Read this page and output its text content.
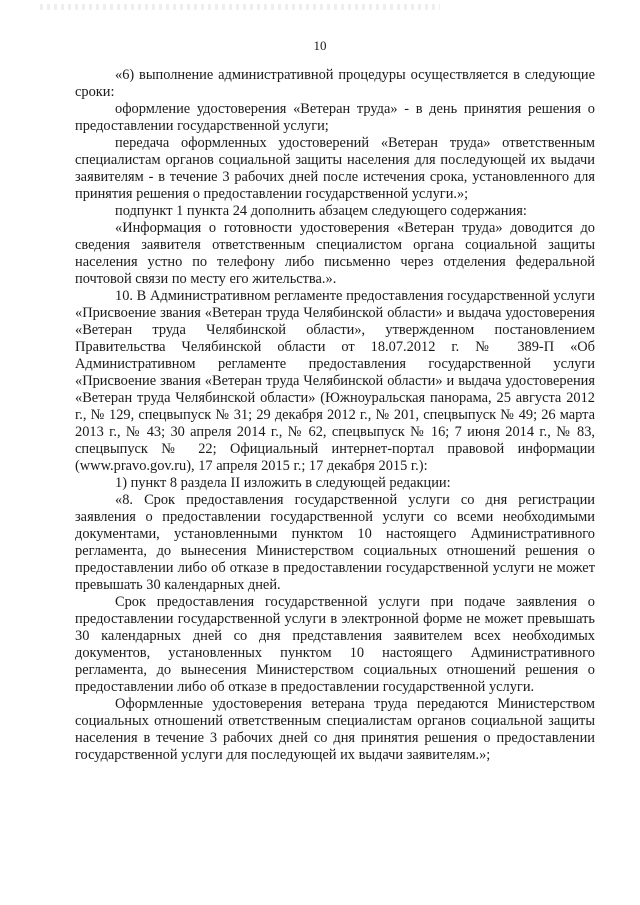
10

«6) выполнение административной процедуры осуществляется в следующие сроки:

оформление удостоверения «Ветеран труда» - в день принятия решения о предоставлении государственной услуги;

передача оформленных удостоверений «Ветеран труда» ответственным специалистам органов социальной защиты населения для последующей их выдачи заявителям - в течение 3 рабочих дней после истечения срока, установленного для принятия решения о предоставлении государственной услуги.»;

подпункт 1 пункта 24 дополнить абзацем следующего содержания:

«Информация о готовности удостоверения «Ветеран труда» доводится до сведения заявителя ответственным специалистом органа социальной защиты населения устно по телефону либо письменно через отделения федеральной почтовой связи по месту его жительства.».

10. В Административном регламенте предоставления государственной услуги «Присвоение звания «Ветеран труда Челябинской области» и выдача удостоверения «Ветеран труда Челябинской области», утвержденном постановлением Правительства Челябинской области от 18.07.2012 г. № 389-П «Об Административном регламенте предоставления государственной услуги «Присвоение звания «Ветеран труда Челябинской области» и выдача удостоверения «Ветеран труда Челябинской области» (Южноуральская панорама, 25 августа 2012 г., № 129, спецвыпуск № 31; 29 декабря 2012 г., № 201, спецвыпуск № 49; 26 марта 2013 г., № 43; 30 апреля 2014 г., № 62, спецвыпуск № 16; 7 июня 2014 г., № 83, спецвыпуск № 22; Официальный интернет-портал правовой информации (www.pravo.gov.ru), 17 апреля 2015 г.; 17 декабря 2015 г.):

1) пункт 8 раздела II изложить в следующей редакции:

«8. Срок предоставления государственной услуги со дня регистрации заявления о предоставлении государственной услуги со всеми необходимыми документами, установленными пунктом 10 настоящего Административного регламента, до вынесения Министерством социальных отношений решения о предоставлении либо об отказе в предоставлении государственной услуги не может превышать 30 календарных дней.

Срок предоставления государственной услуги при подаче заявления о предоставлении государственной услуги в электронной форме не может превышать 30 календарных дней со дня представления заявителем всех необходимых документов, установленных пунктом 10 настоящего Административного регламента, до вынесения Министерством социальных отношений решения о предоставлении либо об отказе в предоставлении государственной услуги.

Оформленные удостоверения ветерана труда передаются Министерством социальных отношений ответственным специалистам органов социальной защиты населения в течение 3 рабочих дней со дня принятия решения о предоставлении государственной услуги для последующей их выдачи заявителям.»;
